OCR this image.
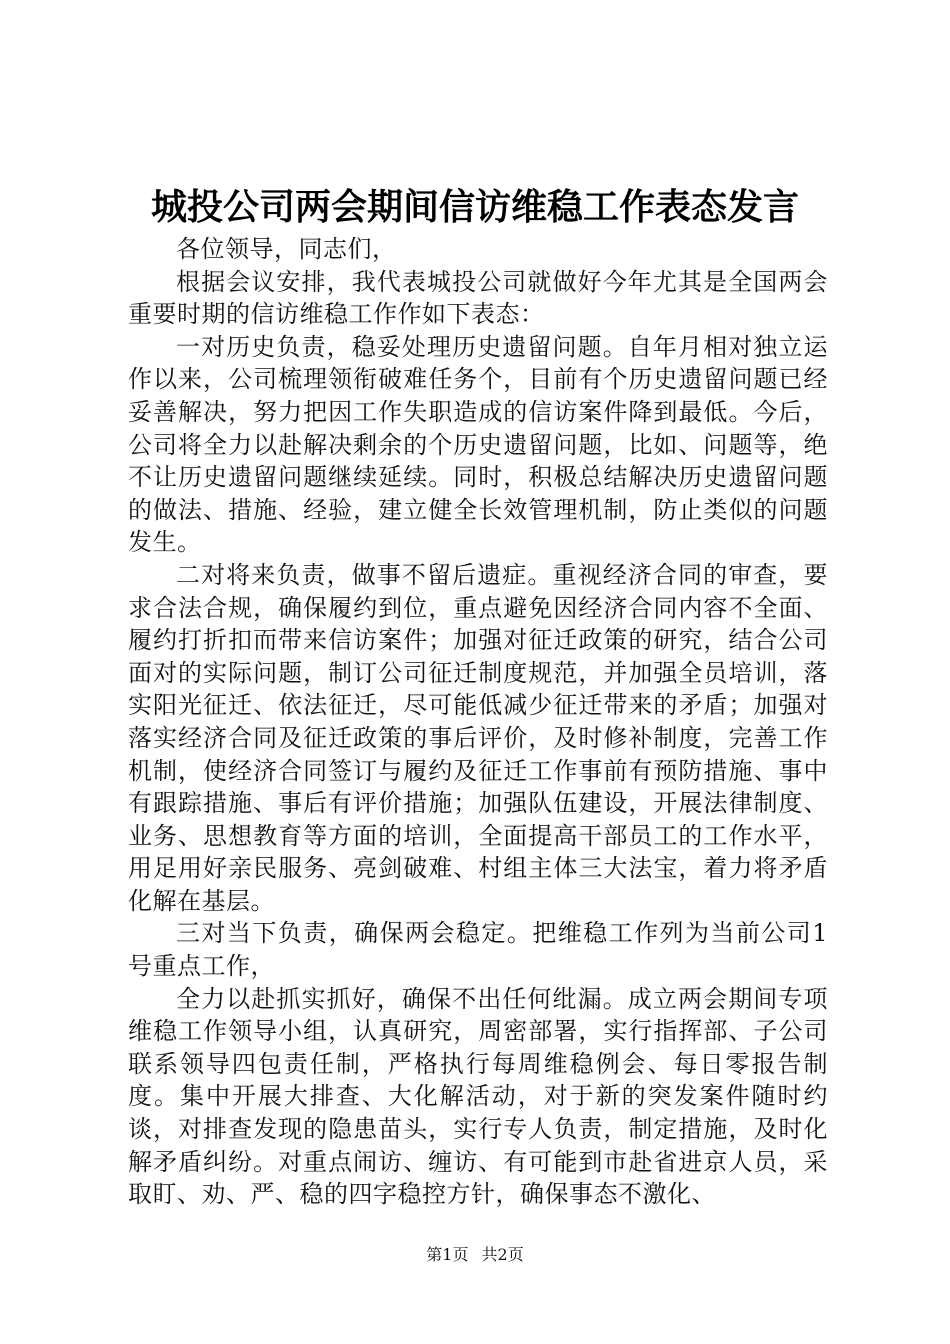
城投公司两会期间信访维稳工作表态发言

各位领导，同志们，

根据会议安排，我代表城投公司就做好今年尤其是全国两会重要时期的信访维稳工作作如下表态：

一对历史负责，稳妥处理历史遗留问题。自年月相对独立运作以来，公司梳理领衔破难任务个，目前有个历史遗留问题已经妥善解决，努力把因工作失职造成的信访案件降到最低。今后，公司将全力以赴解决剩余的个历史遗留问题，比如、问题等，绝不让历史遗留问题继续延续。同时，积极总结解决历史遗留问题的做法、措施、经验，建立健全长效管理机制，防止类似的问题发生。

二对将来负责，做事不留后遗症。重视经济合同的审查，要求合法合规，确保履约到位，重点避免因经济合同内容不全面、履约打折扣而带来信访案件；加强对征迁政策的研究，结合公司面对的实际问题，制订公司征迁制度规范，并加强全员培训，落实阳光征迁、依法征迁，尽可能低减少征迁带来的矛盾；加强对落实经济合同及征迁政策的事后评价，及时修补制度，完善工作机制，使经济合同签订与履约及征迁工作事前有预防措施、事中有跟踪措施、事后有评价措施；加强队伍建设，开展法律制度、业务、思想教育等方面的培训，全面提高干部员工的工作水平，用足用好亲民服务、亮剑破难、村组主体三大法宝，着力将矛盾化解在基层。

三对当下负责，确保两会稳定。把维稳工作列为当前公司1号重点工作，

全力以赴抓实抓好，确保不出任何纰漏。成立两会期间专项维稳工作领导小组，认真研究，周密部署，实行指挥部、子公司联系领导四包责任制，严格执行每周维稳例会、每日零报告制度。集中开展大排查、大化解活动，对于新的突发案件随时约谈，对排查发现的隐患苗头，实行专人负责，制定措施，及时化解矛盾纠纷。对重点闹访、缠访、有可能到市赴省进京人员，采取盯、劝、严、稳的四字稳控方针，确保事态不激化、

第1页 共2页
